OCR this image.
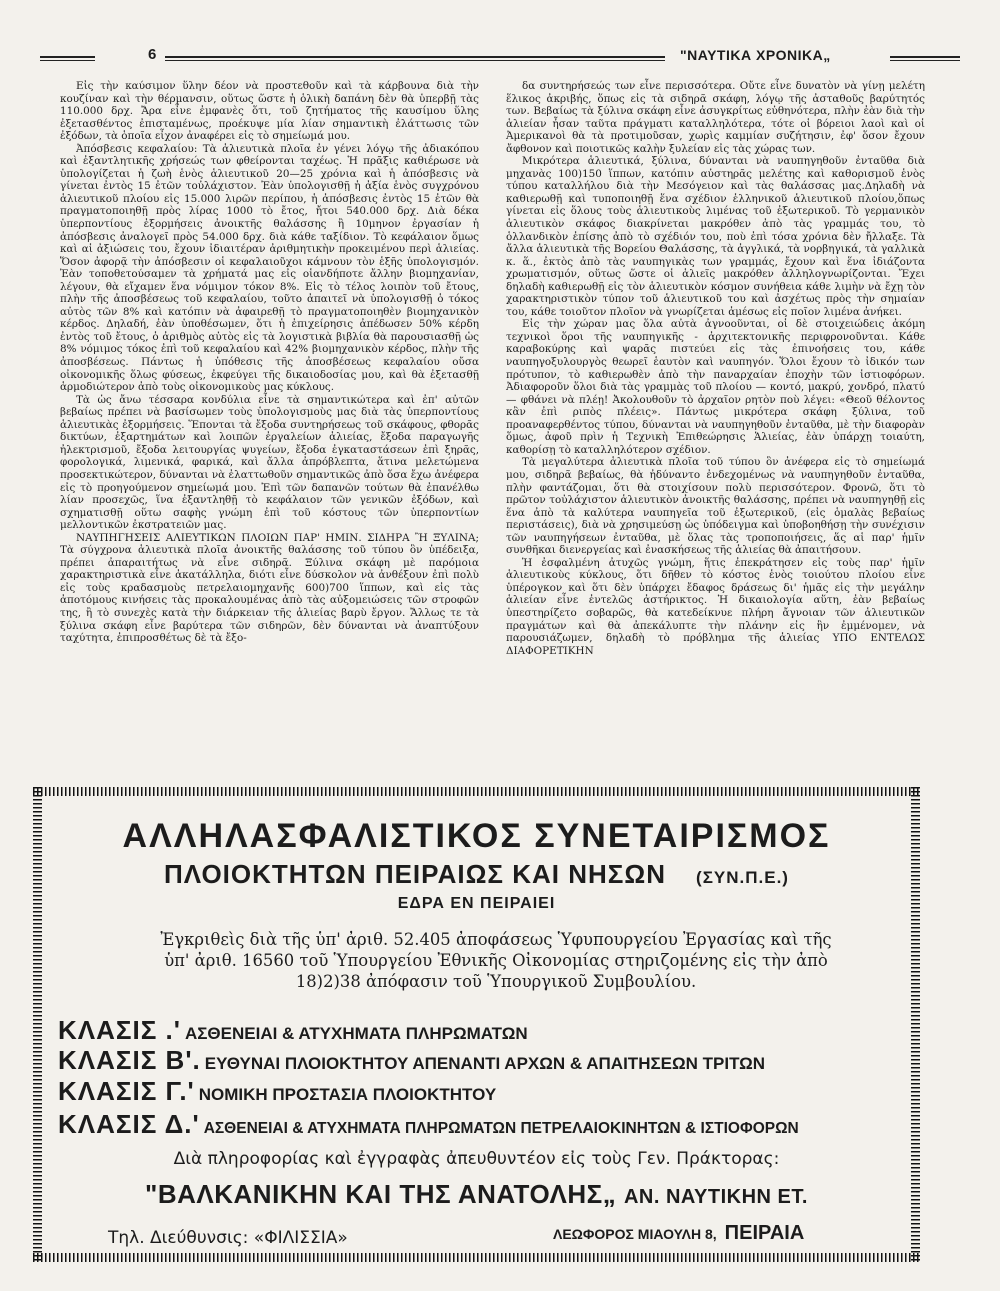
6	"ΝΑΥΤΙΚΑ ΧΡΟΝΙΚΑ„

Εἰς τὴν καύσιμον ὕλην δέον νὰ προστεθοῦν καὶ τὰ κάρβουνα διὰ τὴν κουζίναν καὶ τὴν θέρμανσιν, οὕτως ὥστε ἡ ὁλικὴ δαπάνη δὲν θὰ ὑπερβῇ τὰς 110.000 δρχ. Ἄρα εἶνε ἐμφανὲς ὅτι, τοῦ ζητήματος τῆς καυσίμου ὕλης ἐξετασθέντος ἐπισταμένως, προέκυψε μία λίαν σημαντικὴ ἐλάττωσις τῶν ἐξόδων, τὰ ὁποῖα εἶχον ἀναφέρει εἰς τὸ σημείωμά μου.

Ἀπόσβεσις κεφαλαίου: Τὰ ἁλιευτικὰ πλοῖα ἐν γένει λόγῳ τῆς ἀδιακόπου καὶ ἐξαντλητικῆς χρήσεώς των φθείρονται ταχέως. Ἡ πρᾶξις καθιέρωσε νὰ ὑπολογίζεται ἡ ζωὴ ἑνὸς ἁλιευτικοῦ 20—25 χρόνια καὶ ἡ ἀπόσβεσις νὰ γίνεται ἐντὸς 15 ἐτῶν τοὐλάχιστον. Ἐὰν ὑπολογισθῇ ἡ ἀξία ἑνὸς συγχρόνου ἁλιευτικοῦ πλοίου εἰς 15.000 λιρῶν περίπου, ἡ ἀπόσβεσις ἐντὸς 15 ἐτῶν θὰ πραγματοποιηθῇ πρὸς λίρας 1000 τὸ ἔτος, ἤτοι 540.000 δρχ. Διὰ δέκα ὑπερποντίους ἐξορμήσεις ἀνοικτῆς θαλάσσης ἢ 10μηνον ἐργασίαν ἡ ἀπόσβεσις ἀναλογεῖ πρὸς 54.000 δρχ. διὰ κάθε ταξίδιον. Τὸ κεφάλαιον ὅμως καὶ αἱ ἀξιώσεις του, ἔχουν ἰδιαιτέραν ἀριθμητικὴν προκειμένου περὶ ἁλιείας. Ὅσον ἀφορᾷ τὴν ἀπόσβεσιν οἱ κεφαλαιοῦχοι κάμνουν τὸν ἑξῆς ὑπολογισμόν. Ἐὰν τοποθετούσαμεν τὰ χρήματά μας εἰς οἱανδήποτε ἄλλην βιομηχανίαν, λέγουν, θὰ εἴχαμεν ἕνα νόμιμον τόκον 8%. Εἰς τὸ τέλος λοιπὸν τοῦ ἔτους, πλὴν τῆς ἀποσβέσεως τοῦ κεφαλαίου, τοῦτο ἀπαιτεῖ νὰ ὑπολογισθῇ ὁ τόκος αὐτὸς τῶν 8% καὶ κατόπιν νὰ ἀφαιρεθῇ τὸ πραγματοποιηθὲν βιομηχανικὸν κέρδος. Δηλαδή, ἐὰν ὑποθέσωμεν, ὅτι ἡ ἐπιχείρησις ἀπέδωσεν 50% κέρδη ἐντὸς τοῦ ἔτους, ὁ ἀριθμὸς αὐτὸς εἰς τὰ λογιστικὰ βιβλία θὰ παρουσιασθῇ ὡς 8% νόμιμος τόκος ἐπὶ τοῦ κεφαλαίου καὶ 42% βιομηχανικὸν κέρδος, πλὴν τῆς ἀποσβέσεως. Πάντως ἡ ὑπόθεσις τῆς ἀποσβέσεως κεφαλαίου οὔσα οἰκονομικῆς ὅλως φύσεως, ἐκφεύγει τῆς δικαιοδοσίας μου, καὶ θὰ ἐξετασθῇ ἁρμοδιώτερον ἀπὸ τοὺς οἰκονομικοὺς μας κύκλους.

Τὰ ὡς ἄνω τέσσαρα κονδύλια εἶνε τὰ σημαντικώτερα καὶ ἐπ' αὐτῶν βεβαίως πρέπει νὰ βασίσωμεν τοὺς ὑπολογισμοὺς μας διὰ τὰς ὑπερποντίους ἁλιευτικὰς ἐξορμήσεις. Ἕπονται τὰ ἔξοδα συντηρήσεως τοῦ σκάφους, φθορᾶς δικτύων, ἐξαρτημάτων καὶ λοιπῶν ἐργαλείων ἁλιείας, ἔξοδα παραγωγῆς ἠλεκτρισμοῦ, ἔξοδα λειτουργίας ψυγείων, ἔξοδα ἐγκαταστάσεων ἐπὶ ξηρᾶς, φορολογικά, λιμενικά, φαρικά, καὶ ἄλλα ἀπρόβλεπτα, ἅτινα μελετώμενα προσεκτικώτερον, δύνανται νὰ ἐλαττωθοῦν σημαντικῶς ἀπὸ ὅσα ἔχω ἀνέφερα εἰς τὸ προηγούμενον σημείωμά μου. Ἐπὶ τῶν δαπανῶν τούτων θὰ ἐπανέλθω λίαν προσεχῶς, ἵνα ἐξαντληθῇ τὸ κεφάλαιον τῶν γενικῶν ἐξόδων, καὶ σχηματισθῇ οὕτω σαφὴς γνώμη ἐπὶ τοῦ κόστους τῶν ὑπερποντίων μελλοντικῶν ἐκστρατειῶν μας.

ΝΑΥΠΗΓΗΣΕΙΣ ΑΛΙΕΥΤΙΚΩΝ ΠΛΟΙΩΝ ΠΑΡ' ΗΜΙΝ. ΣΙΔΗΡΑ Ἢ ΞΥΛΙΝΑ; Τὰ σύγχρονα ἁλιευτικὰ πλοῖα ἀνοικτῆς θαλάσσης τοῦ τύπου ὃν ὑπέδειξα, πρέπει ἀπαραιτήτως νὰ εἶνε σιδηρᾶ. Ξύλινα σκάφη μὲ παρόμοια χαρακτηριστικὰ εἶνε ἀκατάλληλα, διότι εἶνε δύσκολον νὰ ἀνθέξουν ἐπὶ πολὺ εἰς τοὺς κραδασμοὺς πετρελαιομηχανῆς 600)700 ἵππων, καὶ εἰς τὰς ἀποτόμους κινήσεις τὰς προκαλουμένας ἀπὸ τὰς αὐξομειώσεις τῶν στροφῶν της, ἢ τὸ συνεχὲς κατὰ τὴν διάρκειαν τῆς ἁλιείας βαρὺ ἔργον. Ἄλλως τε τὰ ξύλινα σκάφη εἶνε βαρύτερα τῶν σιδηρῶν, δὲν δύνανται νὰ ἀναπτύξουν ταχύτητα, ἐπιπροσθέτως δὲ τὰ ἔξο-

δα συντηρήσεώς των εἶνε περισσότερα. Οὔτε εἶνε δυνατὸν νὰ γίνῃ μελέτη ἕλικος ἀκριβής, ὅπως εἰς τὰ σιδηρᾶ σκάφη, λόγῳ τῆς ἀσταθοῦς βαρύτητός των. Βεβαίως τὰ ξύλινα σκάφη εἶνε ἀσυγκρίτως εὐθηνότερα, πλὴν ἐὰν διὰ τὴν ἁλιείαν ἦσαν ταῦτα πράγματι καταλληλότερα, τότε οἱ βόρειοι λαοὶ καὶ οἱ Ἀμερικανοὶ θὰ τὰ προτιμοῦσαν, χωρὶς καμμίαν συζήτησιν, ἐφ' ὅσον ἔχουν ἄφθονον καὶ ποιοτικῶς καλὴν ξυλείαν εἰς τὰς χώρας των.

Μικρότερα ἁλιευτικά, ξύλινα, δύνανται νὰ ναυπηγηθοῦν ἐνταῦθα διὰ μηχανὰς 100)150 ἵππων, κατόπιν αὐστηρᾶς μελέτης καὶ καθορισμοῦ ἑνὸς τύπου καταλλήλου διὰ τὴν Μεσόγειον καὶ τὰς θαλάσσας μας.Δηλαδὴ νὰ καθιερωθῇ καὶ τυποποιηθῇ ἕνα σχέδιον ἑλληνικοῦ ἁλιευτικοῦ πλοίου,ὅπως γίνεται εἰς ὅλους τοὺς ἁλιευτικοὺς λιμένας τοῦ ἐξωτερικοῦ. Τὸ γερμανικὸν ἁλιευτικὸν σκάφος διακρίνεται μακρόθεν ἀπὸ τὰς γραμμάς του, τὸ ὁλλανδικὸν ἐπίσης ἀπὸ τὸ σχέδιόν του, ποὺ ἐπὶ τόσα χρόνια δὲν ἤλλαξε. Τὰ ἄλλα ἁλιευτικὰ τῆς Βορείου Θαλάσσης, τὰ ἀγγλικά, τὰ νορβηγικά, τὰ γαλλικὰ κ. ἅ., ἐκτὸς ἀπὸ τὰς ναυπηγικὰς των γραμμάς, ἔχουν καὶ ἕνα ἰδιάζοντα χρωματισμόν, οὕτως ὥστε οἱ ἁλιεῖς μακρόθεν ἀλληλογνωρίζονται. Ἔχει δηλαδὴ καθιερωθῇ εἰς τὸν ἁλιευτικὸν κόσμον συνήθεια κάθε λιμὴν νὰ ἔχῃ τὸν χαρακτηριστικὸν τύπον τοῦ ἁλιευτικοῦ του καὶ ἀσχέτως πρὸς τὴν σημαίαν του, κάθε τοιοῦτον πλοῖον νὰ γνωρίζεται ἀμέσως εἰς ποῖον λιμένα ἀνήκει.

Εἰς τὴν χώραν μας ὅλα αὐτὰ ἀγνοοῦνται, οἱ δὲ στοιχειώδεις ἀκόμη τεχνικοὶ ὅροι τῆς ναυπηγικῆς - ἀρχιτεκτονικῆς περιφρονοῦνται. Κάθε καραβοκύρης καὶ ψαρᾶς πιστεύει εἰς τὰς ἐπινοήσεις του, κάθε ναυπηγοξυλουργὸς θεωρεῖ ἑαυτὸν καὶ ναυπηγόν. Ὅλοι ἔχουν τὸ ἰδικόν των πρότυπον, τὸ καθιερωθὲν ἀπὸ τὴν παναρχαίαν ἐποχὴν τῶν ἱστιοφόρων. Ἀδιαφοροῦν ὅλοι διὰ τὰς γραμμὰς τοῦ πλοίου — κοντό, μακρύ, χονδρό, πλατύ — φθάνει νὰ πλέῃ! Ἀκολουθοῦν τὸ ἀρχαῖον ρητὸν ποὺ λέγει: «Θεοῦ θέλοντος κἂν ἐπὶ ριπὸς πλέεις». Πάντως μικρότερα σκάφη ξύλινα, τοῦ προαναφερθέντος τύπου, δύνανται νὰ ναυπηγηθοῦν ἐνταῦθα, μὲ τὴν διαφορὰν ὅμως, ἀφοῦ πρὶν ἡ Τεχνικὴ Ἐπιθεώρησις Ἁλιείας, ἐὰν ὑπάρχῃ τοιαύτη, καθορίσῃ τὸ καταλληλότερον σχέδιον.

Τὰ μεγαλύτερα ἁλιευτικὰ πλοῖα τοῦ τύπου ὃν ἀνέφερα εἰς τὸ σημείωμά μου, σιδηρᾶ βεβαίως, θὰ ἠδύναντο ἐνδεχομένως νὰ ναυπηγηθοῦν ἐνταῦθα, πλὴν φαντάζομαι, ὅτι θὰ στοιχίσουν πολὺ περισσότερον. Φρονῶ, ὅτι τὸ πρῶτον τοὐλάχιστον ἁλιευτικὸν ἀνοικτῆς θαλάσσης, πρέπει νὰ ναυπηγηθῇ εἰς ἕνα ἀπὸ τὰ καλύτερα ναυπηγεῖα τοῦ ἐξωτερικοῦ, (εἰς ὁμαλὰς βεβαίως περιστάσεις), διὰ νὰ χρησιμεύσῃ ὡς ὑπόδειγμα καὶ ὑποβοηθήσῃ τὴν συνέχισιν τῶν ναυπηγήσεων ἐνταῦθα, μὲ ὅλας τὰς τροποποιήσεις, ἅς αἱ παρ' ἡμῖν συνθῆκαι διενεργείας καὶ ἐνασκήσεως τῆς ἁλιείας θὰ ἀπαιτήσουν.

Ἡ ἐσφαλμένη ἀτυχῶς γνώμη, ἥτις ἐπεκράτησεν εἰς τοὺς παρ' ἡμῖν ἁλιευτικοὺς κύκλους, ὅτι δῆθεν τὸ κόστος ἑνὸς τοιούτου πλοίου εἶνε ὑπέρογκον καὶ ὅτι δὲν ὑπάρχει ἔδαφος δράσεως δι' ἡμᾶς εἰς τὴν μεγάλην ἁλιείαν εἶνε ἐντελῶς ἀστήρικτος. Ἡ δικαιολογία αὕτη, ἐὰν βεβαίως ὑπεστηρίζετο σοβαρῶς, θὰ κατεδείκνυε πλήρη ἄγνοιαν τῶν ἁλιευτικῶν πραγμάτων καὶ θὰ ἀπεκάλυπτε τὴν πλάνην εἰς ἣν ἐμμένομεν, νὰ παρουσιάζωμεν, δηλαδὴ τὸ πρόβλημα τῆς ἁλιείας ΥΠΟ ΕΝΤΕΛΩΣ ΔΙΑΦΟΡΕΤΙΚΗΝ

ΑΛΛΗΛΑΣΦΑΛΙΣΤΙΚΟΣ ΣΥΝΕΤΑΙΡΙΣΜΟΣ
ΠΛΟΙΟΚΤΗΤΩΝ ΠΕΙΡΑΙΩΣ ΚΑΙ ΝΗΣΩΝ (ΣΥΝ.Π.Ε.)
ΕΔΡΑ ΕΝ ΠΕΙΡΑΙΕΙ
Ἐγκριθεὶς διὰ τῆς ὑπ' ἀριθ. 52.405 ἀποφάσεως Ὑφυπουργείου Ἐργασίας καὶ τῆς ὑπ' ἀριθ. 16560 τοῦ Ὑπουργείου Ἐθνικῆς Οἰκονομίας στηριζομένης εἰς τὴν ἀπὸ 18)2)38 ἀπόφασιν τοῦ Ὑπουργικοῦ Συμβουλίου.
ΚΛΑΣΙΣ .' ΑΣΘΕΝΕΙΑΙ & ΑΤΥΧΗΜΑΤΑ ΠΛΗΡΩΜΑΤΩΝ
ΚΛΑΣΙΣ Β'. ΕΥΘΥΝΑΙ ΠΛΟΙΟΚΤΗΤΟΥ ΑΠΕΝΑΝΤΙ ΑΡΧΩΝ & ΑΠΑΙΤΗΣΕΩΝ ΤΡΙΤΩΝ
ΚΛΑΣΙΣ Γ.' ΝΟΜΙΚΗ ΠΡΟΣΤΑΣΙΑ ΠΛΟΙΟΚΤΗΤΟΥ
ΚΛΑΣΙΣ Δ.' ΑΣΘΕΝΕΙΑΙ & ΑΤΥΧΗΜΑΤΑ ΠΛΗΡΩΜΑΤΩΝ ΠΕΤΡΕΛΑΙΟΚΙΝΗΤΩΝ & ΙΣΤΙΟΦΟΡΩΝ
Διὰ πληροφορίας καὶ ἐγγραφὰς ἀπευθυντέον εἰς τοὺς Γεν. Πράκτορας:
"ΒΑΛΚΑΝΙΚΗΝ ΚΑΙ ΤΗΣ ΑΝΑΤΟΛΗΣ„ ΑΝ. ΝΑΥΤΙΚΗΝ ΕΤ.
Τηλ. Διεύθυνσις: «ΦΙΛΙΣΣΙΑ»	ΛΕΩΦΟΡΟΣ ΜΙΑΟΥΛΗ 8, ΠΕΙΡΑΙΑ
